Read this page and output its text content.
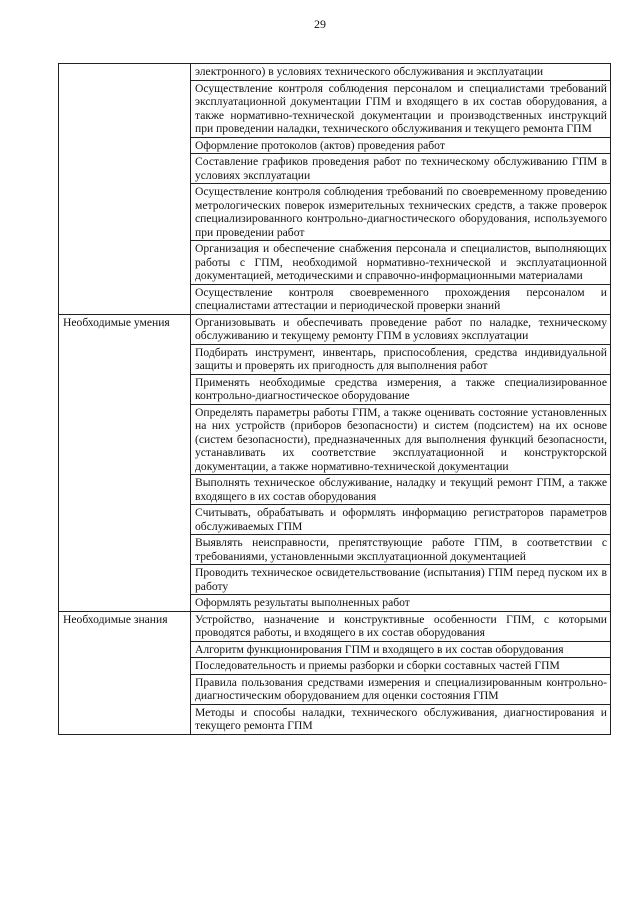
29
	электронного) в условиях технического обслуживания и эксплуатации
	Осуществление контроля соблюдения персоналом и специалистами требований эксплуатационной документации ГПМ и входящего в их состав оборудования, а также нормативно-технической документации и производственных инструкций при проведении наладки, технического обслуживания и текущего ремонта ГПМ
	Оформление протоколов (актов) проведения работ
	Составление графиков проведения работ по техническому обслуживанию ГПМ в условиях эксплуатации
	Осуществление контроля соблюдения требований по своевременному проведению метрологических поверок измерительных технических средств, а также проверок специализированного контрольно-диагностического оборудования, используемого при проведении работ
	Организация и обеспечение снабжения персонала и специалистов, выполняющих работы с ГПМ, необходимой нормативно-технической и эксплуатационной документацией, методическими и справочно-информационными материалами
	Осуществление контроля своевременного прохождения персоналом и специалистами аттестации и периодической проверки знаний
Необходимые умения	Организовывать и обеспечивать проведение работ по наладке, техническому обслуживанию и текущему ремонту ГПМ в условиях эксплуатации
	Подбирать инструмент, инвентарь, приспособления, средства индивидуальной защиты и проверять их пригодность для выполнения работ
	Применять необходимые средства измерения, а также специализированное контрольно-диагностическое оборудование
	Определять параметры работы ГПМ, а также оценивать состояние установленных на них устройств (приборов безопасности) и систем (подсистем) на их основе (систем безопасности), предназначенных для выполнения функций безопасности, устанавливать их соответствие эксплуатационной и конструкторской документации, а также нормативно-технической документации
	Выполнять техническое обслуживание, наладку и текущий ремонт ГПМ, а также входящего в их состав оборудования
	Считывать, обрабатывать и оформлять информацию регистраторов параметров обслуживаемых ГПМ
	Выявлять неисправности, препятствующие работе ГПМ, в соответствии с требованиями, установленными эксплуатационной документацией
	Проводить техническое освидетельствование (испытания) ГПМ перед пуском их в работу
	Оформлять результаты выполненных работ
Необходимые знания	Устройство, назначение и конструктивные особенности ГПМ, с которыми проводятся работы, и входящего в их состав оборудования
	Алгоритм функционирования ГПМ и входящего в их состав оборудования
	Последовательность и приемы разборки и сборки составных частей ГПМ
	Правила пользования средствами измерения и специализированным контрольно-диагностическим оборудованием для оценки состояния ГПМ
	Методы и способы наладки, технического обслуживания, диагностирования и текущего ремонта ГПМ
